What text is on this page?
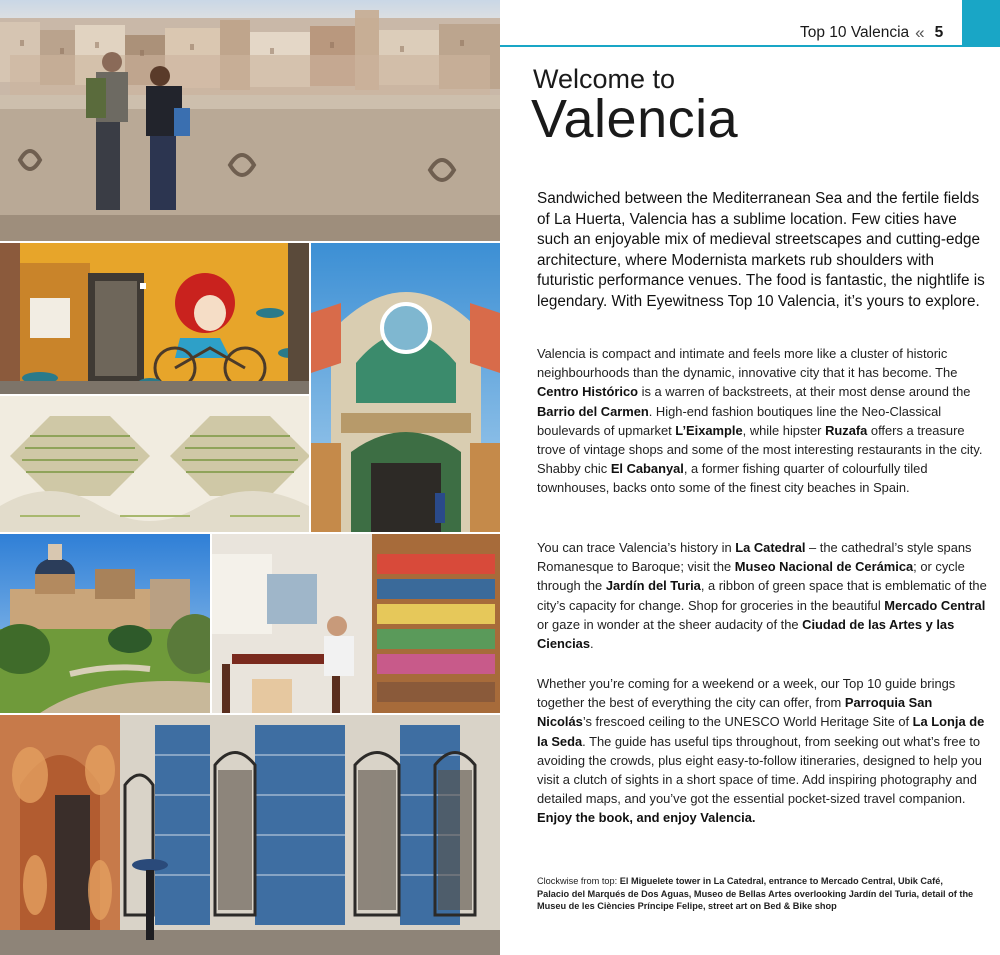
Top 10 Valencia « 5
Welcome to
Valencia

Sandwiched between the Mediterranean Sea and the fertile fields of La Huerta, Valencia has a sublime location. Few cities have such an enjoyable mix of medieval streetscapes and cutting-edge architecture, where Modernista markets rub shoulders with futuristic performance venues. The food is fantastic, the nightlife is legendary. With Eyewitness Top 10 Valencia, it’s yours to explore.

Valencia is compact and intimate and feels more like a cluster of historic neighbourhoods than the dynamic, innovative city that it has become. The Centro Histórico is a warren of backstreets, at their most dense around the Barrio del Carmen. High-end fashion boutiques line the Neo-Classical boulevards of upmarket L’Eixample, while hipster Ruzafa offers a treasure trove of vintage shops and some of the most interesting restaurants in the city. Shabby chic El Cabanyal, a former fishing quarter of colourfully tiled townhouses, backs onto some of the finest city beaches in Spain.

You can trace Valencia’s history in La Catedral – the cathedral’s style spans Romanesque to Baroque; visit the Museo Nacional de Cerámica; or cycle through the Jardín del Turia, a ribbon of green space that is emblematic of the city’s capacity for change. Shop for groceries in the beautiful Mercado Central or gaze in wonder at the sheer audacity of the Ciudad de las Artes y las Ciencias.

Whether you’re coming for a weekend or a week, our Top 10 guide brings together the best of everything the city can offer, from Parroquia San Nicolás’s frescoed ceiling to the UNESCO World Heritage Site of La Lonja de la Seda. The guide has useful tips throughout, from seeking out what’s free to avoiding the crowds, plus eight easy-to-follow itineraries, designed to help you visit a clutch of sights in a short space of time. Add inspiring photography and detailed maps, and you’ve got the essential pocket-sized travel companion. Enjoy the book, and enjoy Valencia.

Clockwise from top: El Miguelete tower in La Catedral, entrance to Mercado Central, Ubik Café, Palacio del Marqués de Dos Aguas, Museo de Bellas Artes overlooking Jardín del Turia, detail of the Museu de les Ciències Príncipe Felipe, street art on Bed & Bike shop
